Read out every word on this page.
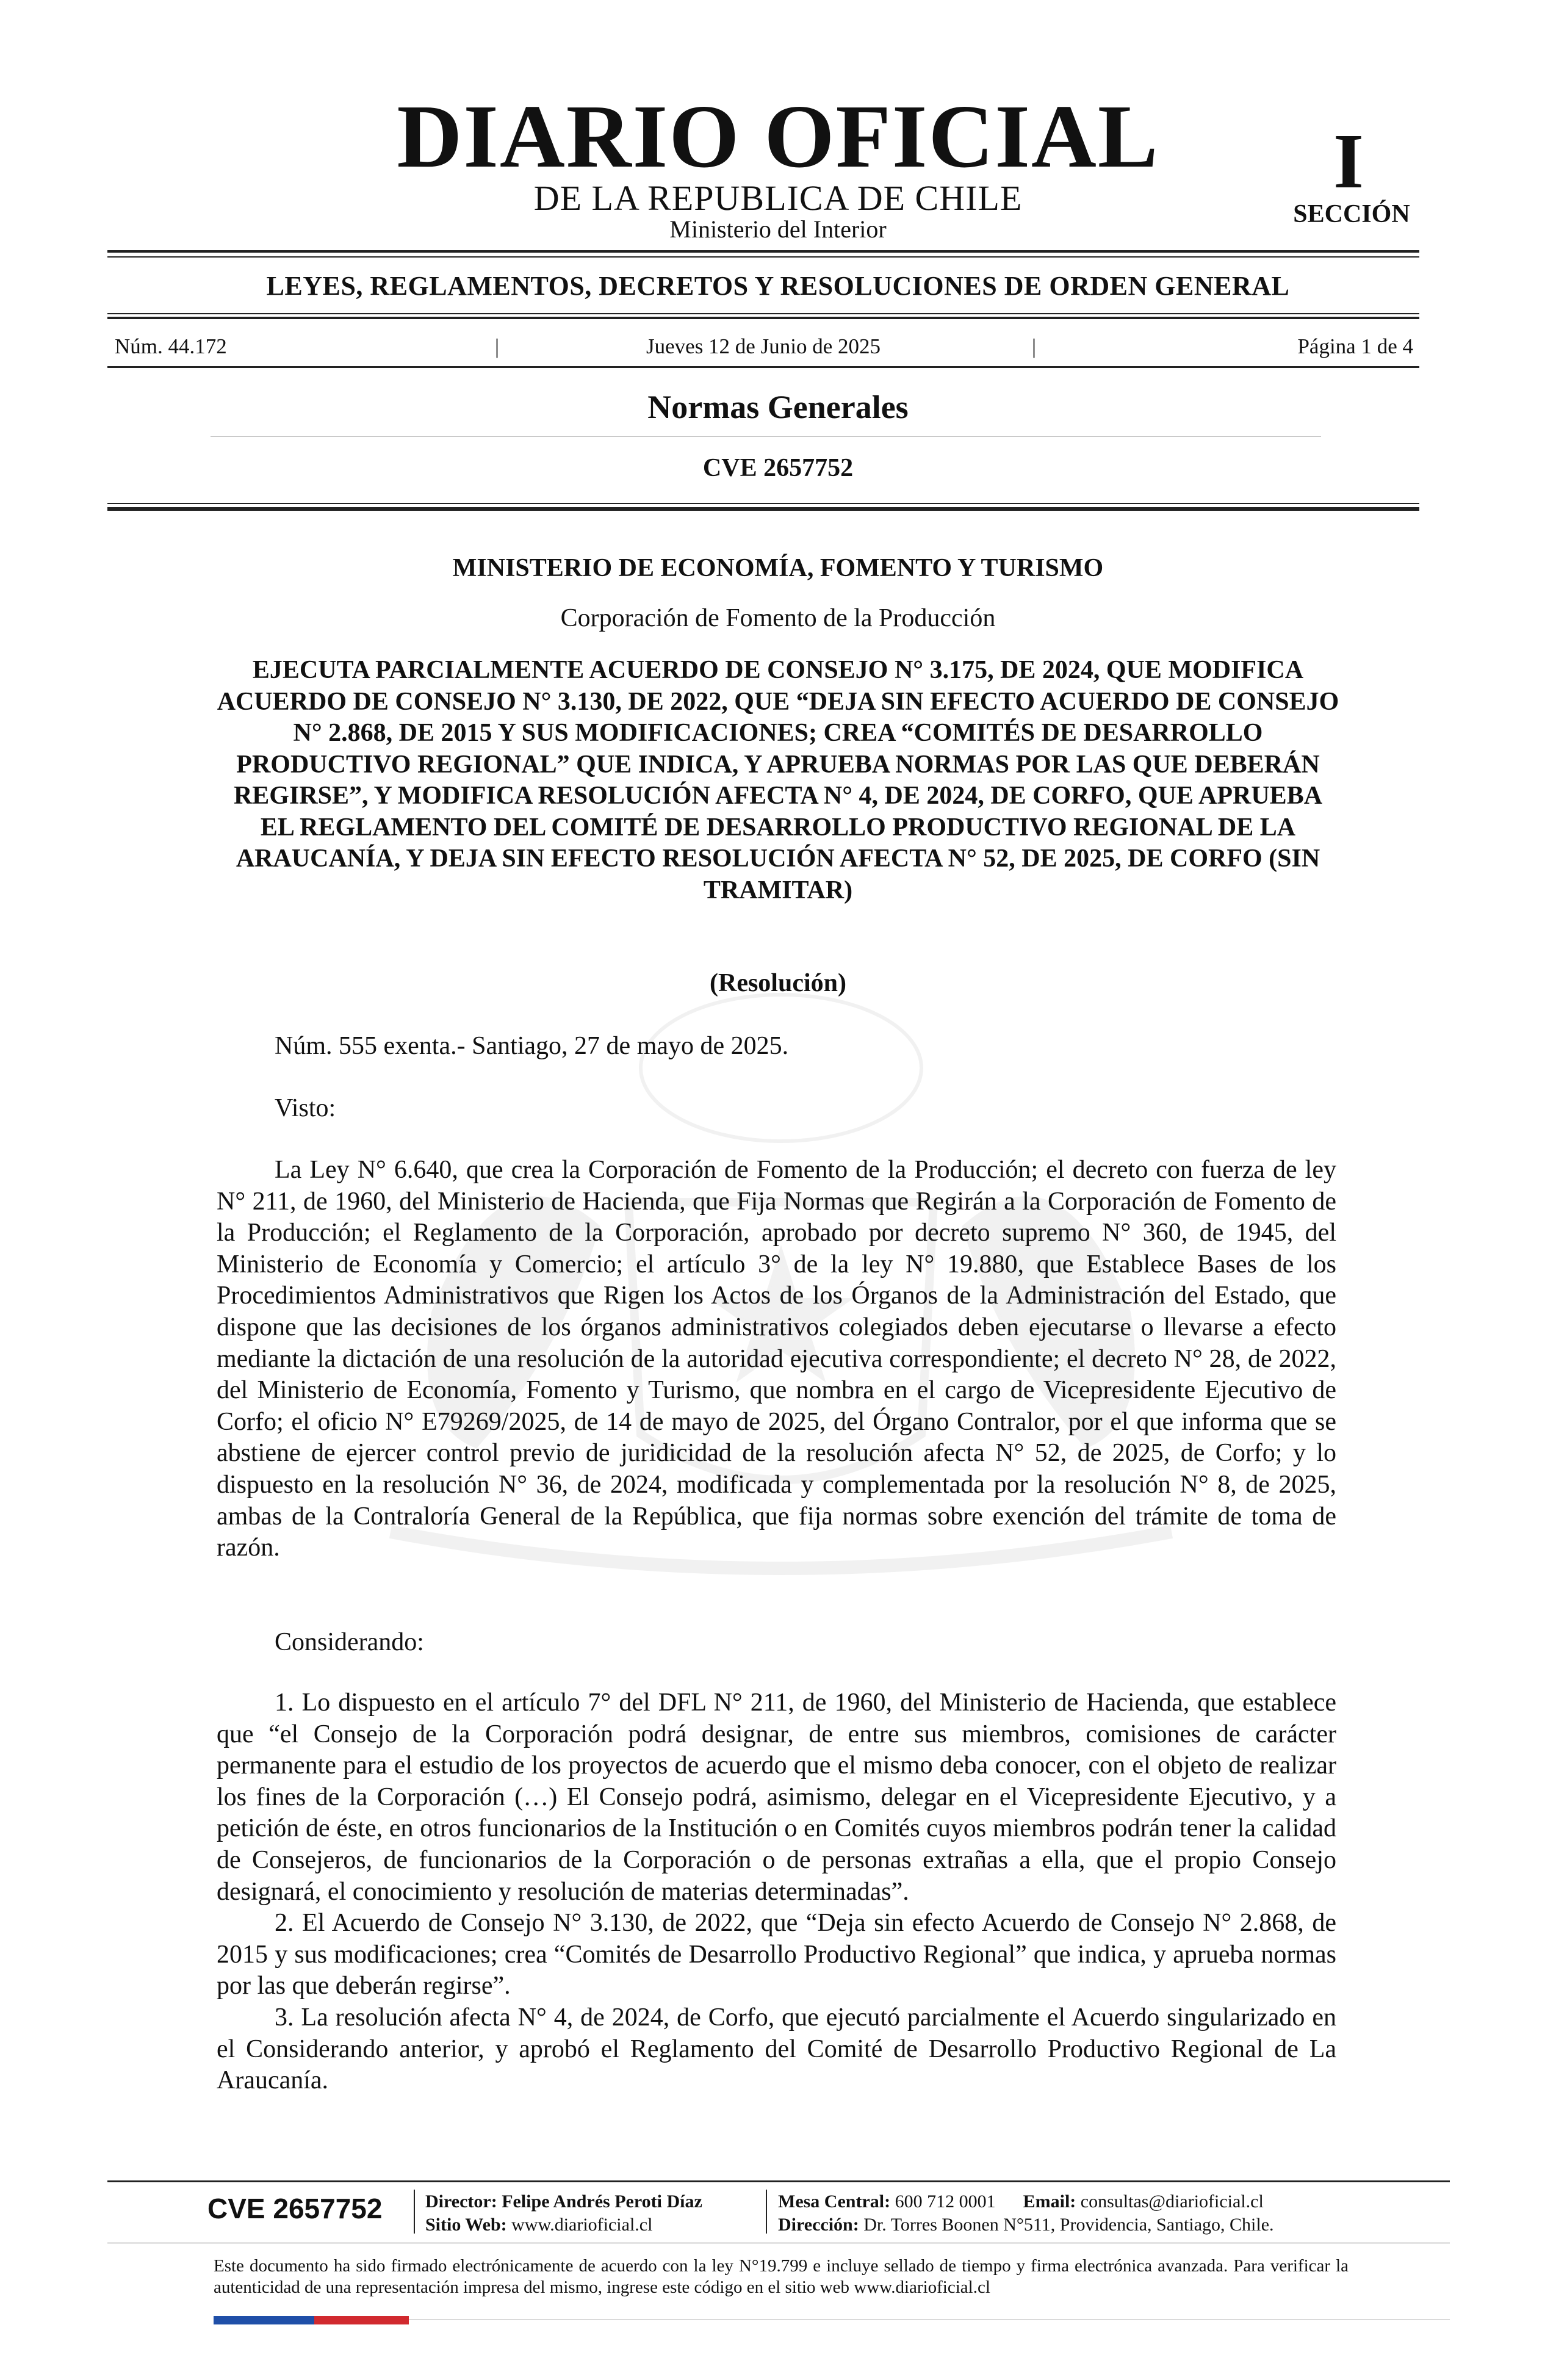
DIARIO OFICIAL
DE LA REPUBLICA DE CHILE
Ministerio del Interior
I
SECCIÓN
LEYES, REGLAMENTOS, DECRETOS Y RESOLUCIONES DE ORDEN GENERAL
Núm. 44.172	|	Jueves 12 de Junio de 2025	|	Página 1 de 4
Normas Generales
CVE 2657752
MINISTERIO DE ECONOMÍA, FOMENTO Y TURISMO
Corporación de Fomento de la Producción
EJECUTA PARCIALMENTE ACUERDO DE CONSEJO N° 3.175, DE 2024, QUE MODIFICA ACUERDO DE CONSEJO N° 3.130, DE 2022, QUE “DEJA SIN EFECTO ACUERDO DE CONSEJO N° 2.868, DE 2015 Y SUS MODIFICACIONES; CREA “COMITÉS DE DESARROLLO PRODUCTIVO REGIONAL” QUE INDICA, Y APRUEBA NORMAS POR LAS QUE DEBERÁN REGIRSE”, Y MODIFICA RESOLUCIÓN AFECTA N° 4, DE 2024, DE CORFO, QUE APRUEBA EL REGLAMENTO DEL COMITÉ DE DESARROLLO PRODUCTIVO REGIONAL DE LA ARAUCANÍA, Y DEJA SIN EFECTO RESOLUCIÓN AFECTA N° 52, DE 2025, DE CORFO (SIN TRAMITAR)
(Resolución)
Núm. 555 exenta.- Santiago, 27 de mayo de 2025.
Visto:

La Ley N° 6.640, que crea la Corporación de Fomento de la Producción; el decreto con fuerza de ley N° 211, de 1960, del Ministerio de Hacienda, que Fija Normas que Regirán a la Corporación de Fomento de la Producción; el Reglamento de la Corporación, aprobado por decreto supremo N° 360, de 1945, del Ministerio de Economía y Comercio; el artículo 3° de la ley N° 19.880, que Establece Bases de los Procedimientos Administrativos que Rigen los Actos de los Órganos de la Administración del Estado, que dispone que las decisiones de los órganos administrativos colegiados deben ejecutarse o llevarse a efecto mediante la dictación de una resolución de la autoridad ejecutiva correspondiente; el decreto N° 28, de 2022, del Ministerio de Economía, Fomento y Turismo, que nombra en el cargo de Vicepresidente Ejecutivo de Corfo; el oficio N° E79269/2025, de 14 de mayo de 2025, del Órgano Contralor, por el que informa que se abstiene de ejercer control previo de juridicidad de la resolución afecta N° 52, de 2025, de Corfo; y lo dispuesto en la resolución N° 36, de 2024, modificada y complementada por la resolución N° 8, de 2025, ambas de la Contraloría General de la República, que fija normas sobre exención del trámite de toma de razón.

Considerando:

1. Lo dispuesto en el artículo 7° del DFL N° 211, de 1960, del Ministerio de Hacienda, que establece que “el Consejo de la Corporación podrá designar, de entre sus miembros, comisiones de carácter permanente para el estudio de los proyectos de acuerdo que el mismo deba conocer, con el objeto de realizar los fines de la Corporación (…) El Consejo podrá, asimismo, delegar en el Vicepresidente Ejecutivo, y a petición de éste, en otros funcionarios de la Institución o en Comités cuyos miembros podrán tener la calidad de Consejeros, de funcionarios de la Corporación o de personas extrañas a ella, que el propio Consejo designará, el conocimiento y resolución de materias determinadas”.

2. El Acuerdo de Consejo N° 3.130, de 2022, que “Deja sin efecto Acuerdo de Consejo N° 2.868, de 2015 y sus modificaciones; crea “Comités de Desarrollo Productivo Regional” que indica, y aprueba normas por las que deberán regirse”.

3. La resolución afecta N° 4, de 2024, de Corfo, que ejecutó parcialmente el Acuerdo singularizado en el Considerando anterior, y aprobó el Reglamento del Comité de Desarrollo Productivo Regional de La Araucanía.

CVE 2657752 Director: Felipe Andrés Peroti Díaz
Sitio Web: www.diarioficial.cl
Mesa Central: 600 712 0001 Email: consultas@diarioficial.cl
Dirección: Dr. Torres Boonen N°511, Providencia, Santiago, Chile.
Este documento ha sido firmado electrónicamente de acuerdo con la ley N°19.799 e incluye sellado de tiempo y firma electrónica avanzada. Para verificar la autenticidad de una representación impresa del mismo, ingrese este código en el sitio web www.diarioficial.cl
